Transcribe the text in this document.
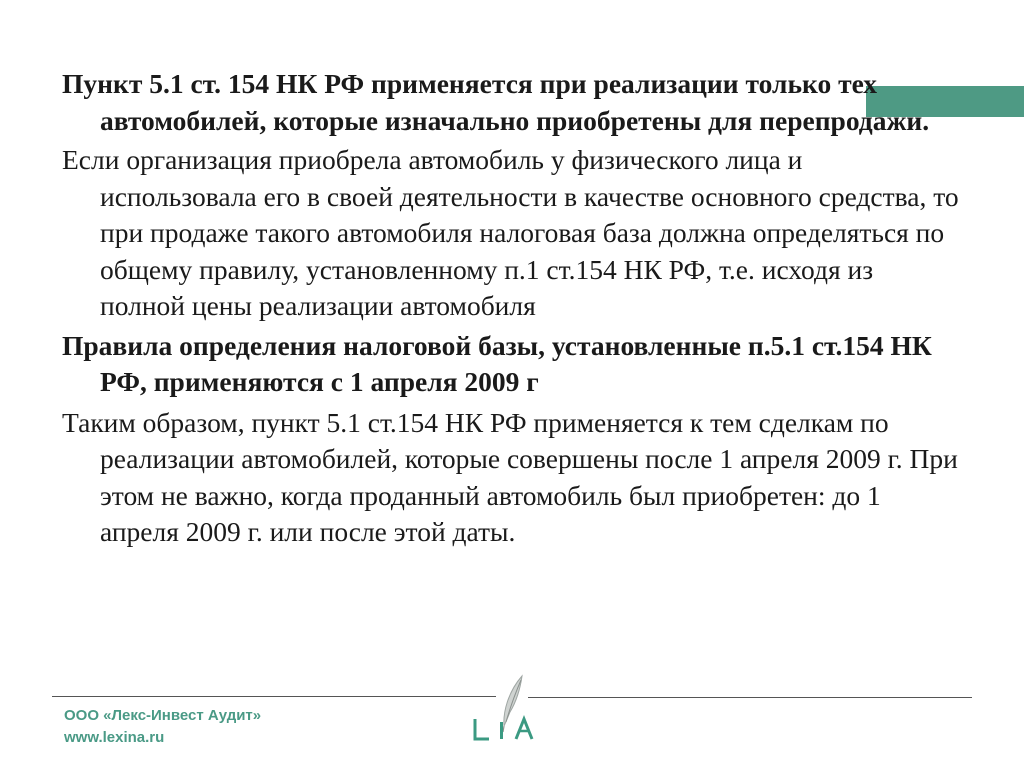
Пункт 5.1 ст. 154 НК РФ применяется при реализации только тех автомобилей, которые изначально приобретены для перепродажи.

Если организация приобрела автомобиль у физического лица и использовала его в своей деятельности в качестве основного средства, то при продаже такого автомобиля налоговая база должна определяться по общему правилу, установленному п.1 ст.154 НК РФ, т.е. исходя из полной цены реализации автомобиля

Правила определения налоговой базы, установленные п.5.1 ст.154 НК РФ, применяются с 1 апреля 2009 г

Таким образом, пункт 5.1 ст.154 НК РФ применяется к тем сделкам по реализации автомобилей, которые совершены после 1 апреля 2009 г. При этом не важно, когда проданный автомобиль был приобретен: до 1 апреля 2009 г. или после этой даты.

ООО «Лекс-Инвест Аудит»
www.lexina.ru
